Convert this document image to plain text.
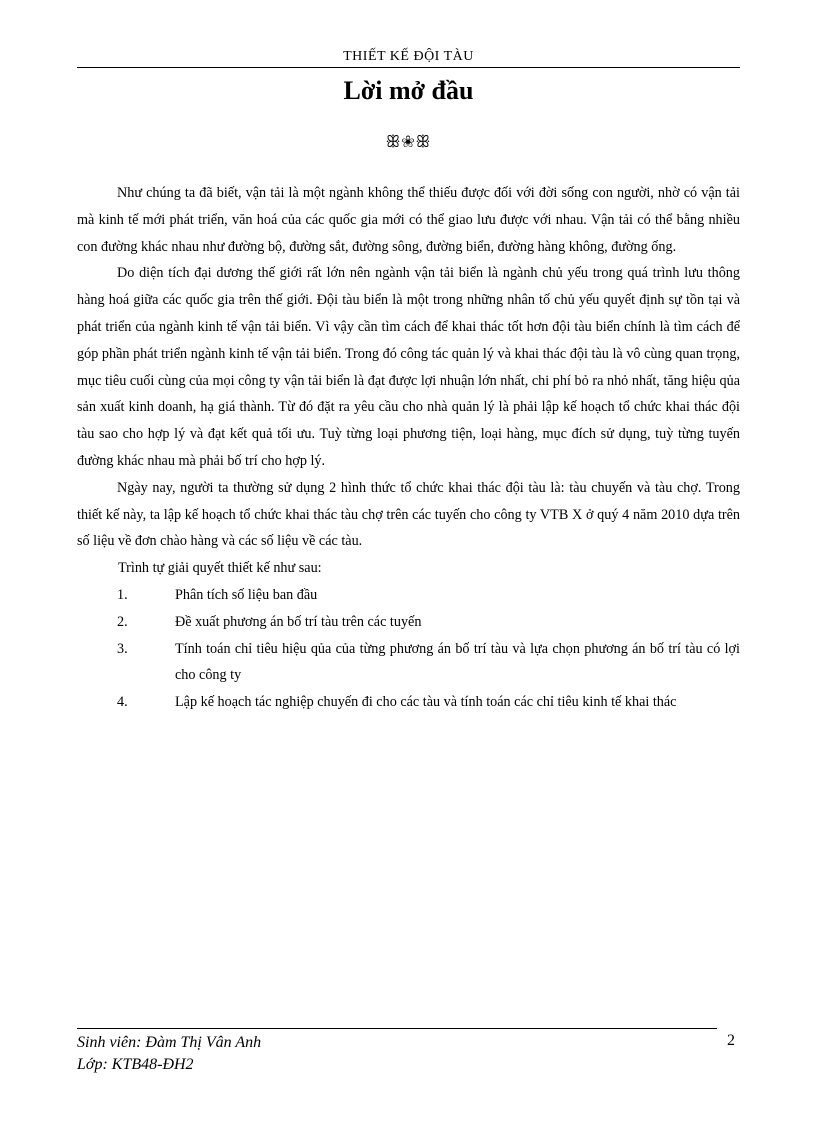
THIẾT KẾ ĐỘI TÀU
Lời mở đầu
ꕥ❀ꕥ

Như chúng ta đã biết, vận tải là một ngành không thể thiếu được đối với đời sống con người, nhờ có vận tải mà kinh tế mới phát triển, văn hoá của các quốc gia mới có thể giao lưu được với nhau. Vận tải có thể bằng nhiều con đường khác nhau như đường bộ, đường sắt, đường sông, đường biển, đường hàng không, đường ống.

Do diện tích đại dương thế giới rất lớn nên ngành vận tải biển là ngành chủ yếu trong quá trình lưu thông hàng hoá giữa các quốc gia trên thế giới. Đội tàu biển là một trong những nhân tố chủ yếu quyết định sự tồn tại và phát triển của ngành kinh tế vận tải biển. Vì vậy cần tìm cách để khai thác tốt hơn đội tàu biển chính là tìm cách để góp phần phát triển ngành kinh tế vận tải biển. Trong đó công tác quản lý và khai thác đội tàu là vô cùng quan trọng, mục tiêu cuối cùng của mọi công ty vận tải biển là đạt được lợi nhuận lớn nhất, chi phí bỏ ra nhỏ nhất, tăng hiệu qủa sản xuất kinh doanh, hạ giá thành. Từ đó đặt ra yêu cầu cho nhà quản lý là phải lập kế hoạch tổ chức khai thác đội tàu sao cho hợp lý và đạt kết quả tối ưu. Tuỳ từng loại phương tiện, loại hàng, mục đích sử dụng, tuỳ từng tuyến đường khác nhau mà phải bố trí cho hợp lý.

Ngày nay, người ta thường sử dụng 2 hình thức tổ chức khai thác đội tàu là: tàu chuyến và tàu chợ. Trong thiết kế này, ta lập kế hoạch tổ chức khai thác tàu chợ trên các tuyến cho công ty VTB X ở quý 4 năm 2010 dựa trên số liệu về đơn chào hàng và các số liệu về các tàu.

Trình tự giải quyết thiết kế như sau:
1.	Phân tích số liệu ban đầu
2.	Đề xuất phương án bố trí tàu trên các tuyến
3.	Tính toán chỉ tiêu hiệu qủa của từng phương án bố trí tàu và lựa chọn phương án bố trí tàu có lợi cho công ty
4.	Lập kế hoạch tác nghiệp chuyến đi cho các tàu và tính toán các chỉ tiêu kinh tế khai thác
Sinh viên: Đàm Thị Vân Anh
Lớp: KTB48-ĐH2
2
